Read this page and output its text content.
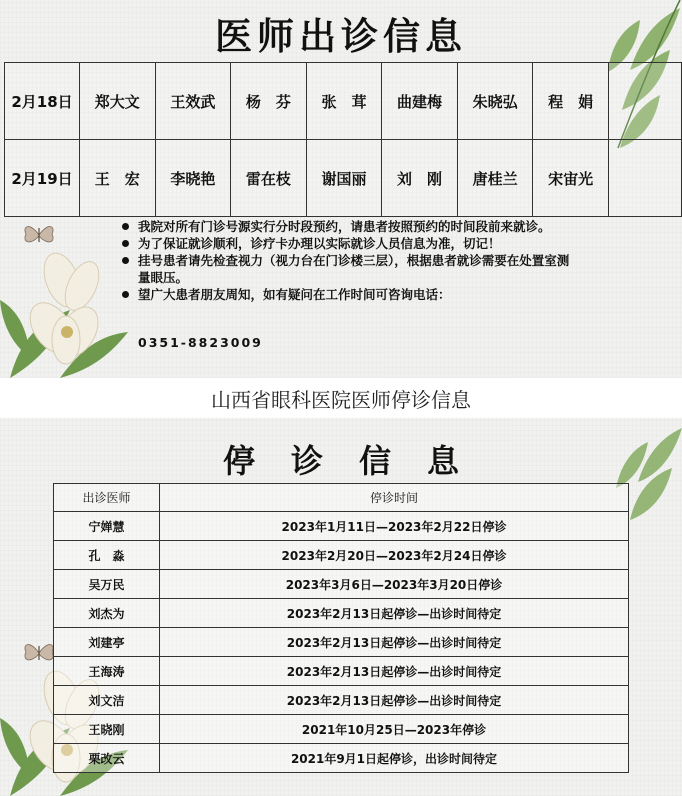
医师出诊信息
2月18日	郑大文	王效武	杨　芬	张　茸	曲建梅	朱晓弘	程　娟	
2月19日	王　宏	李晓艳	雷在枝	谢国丽	刘　刚	唐桂兰	宋宙光	
我院对所有门诊号源实行分时段预约，请患者按照预约的时间段前来就诊。
为了保证就诊顺利，诊疗卡办理以实际就诊人员信息为准，切记！
挂号患者请先检查视力（视力台在门诊楼三层），根据患者就诊需要在处置室测量眼压。
望广大患者朋友周知，如有疑问在工作时间可咨询电话：
0351-8823009
山西省眼科医院医师停诊信息
停诊信息
出诊医师	停诊时间
宁婵慧	2023年1月11日—2023年2月22日停诊
孔　淼	2023年2月20日—2023年2月24日停诊
吴万民	2023年3月6日—2023年3月20日停诊
刘杰为	2023年2月13日起停诊—出诊时间待定
刘建亭	2023年2月13日起停诊—出诊时间待定
王海涛	2023年2月13日起停诊—出诊时间待定
刘文洁	2023年2月13日起停诊—出诊时间待定
王晓刚	2021年10月25日—2023年停诊
栗改云	2021年9月1日起停诊，出诊时间待定
